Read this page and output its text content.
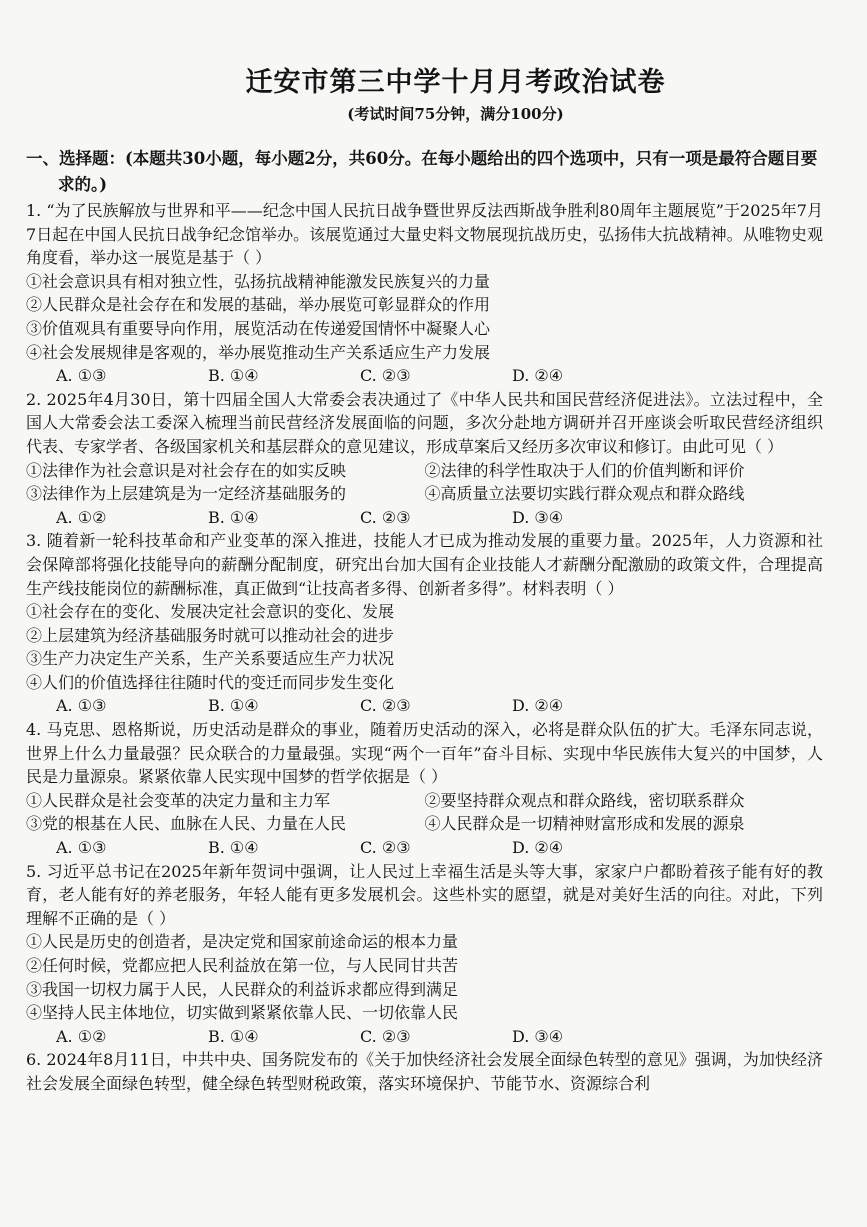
迁安市第三中学十月月考政治试卷
(考试时间75分钟，满分100分)
一、选择题：(本题共30小题，每小题2分，共60分。在每小题给出的四个选项中，只有一项是最符合题目要求的。)
1. “为了民族解放与世界和平——纪念中国人民抗日战争暨世界反法西斯战争胜利80周年主题展览”于2025年7月7日起在中国人民抗日战争纪念馆举办。该展览通过大量史料文物展现抗战历史，弘扬伟大抗战精神。从唯物史观角度看，举办这一展览是基于（ ）
①社会意识具有相对独立性，弘扬抗战精神能激发民族复兴的力量
②人民群众是社会存在和发展的基础，举办展览可彰显群众的作用
③价值观具有重要导向作用，展览活动在传递爱国情怀中凝聚人心
④社会发展规律是客观的，举办展览推动生产关系适应生产力发展
A. ①③	B. ①④	C. ②③	D. ②④
2. 2025年4月30日，第十四届全国人大常委会表决通过了《中华人民共和国民营经济促进法》。立法过程中，全国人大常委会法工委深入梳理当前民营经济发展面临的问题，多次分赴地方调研并召开座谈会听取民营经济组织代表、专家学者、各级国家机关和基层群众的意见建议，形成草案后又经历多次审议和修订。由此可见（ ）
①法律作为社会意识是对社会存在的如实反映	②法律的科学性取决于人们的价值判断和评价
③法律作为上层建筑是为一定经济基础服务的	④高质量立法要切实践行群众观点和群众路线
A. ①②	B. ①④	C. ②③	D. ③④
3. 随着新一轮科技革命和产业变革的深入推进，技能人才已成为推动发展的重要力量。2025年，人力资源和社会保障部将强化技能导向的薪酬分配制度，研究出台加大国有企业技能人才薪酬分配激励的政策文件，合理提高生产线技能岗位的薪酬标准，真正做到“让技高者多得、创新者多得”。材料表明（ ）
①社会存在的变化、发展决定社会意识的变化、发展
②上层建筑为经济基础服务时就可以推动社会的进步
③生产力决定生产关系，生产关系要适应生产力状况
④人们的价值选择往往随时代的变迁而同步发生变化
A. ①③	B. ①④	C. ②③	D. ②④
4. 马克思、恩格斯说，历史活动是群众的事业，随着历史活动的深入，必将是群众队伍的扩大。毛泽东同志说，世界上什么力量最强？民众联合的力量最强。实现“两个一百年”奋斗目标、实现中华民族伟大复兴的中国梦，人民是力量源泉。紧紧依靠人民实现中国梦的哲学依据是（ ）
①人民群众是社会变革的决定力量和主力军	②要坚持群众观点和群众路线，密切联系群众
③党的根基在人民、血脉在人民、力量在人民	④人民群众是一切精神财富形成和发展的源泉
A. ①③	B. ①④	C. ②③	D. ②④
5. 习近平总书记在2025年新年贺词中强调，让人民过上幸福生活是头等大事，家家户户都盼着孩子能有好的教育，老人能有好的养老服务，年轻人能有更多发展机会。这些朴实的愿望，就是对美好生活的向往。对此，下列理解不正确的是（ ）
①人民是历史的创造者，是决定党和国家前途命运的根本力量
②任何时候，党都应把人民利益放在第一位，与人民同甘共苦
③我国一切权力属于人民，人民群众的利益诉求都应得到满足
④坚持人民主体地位，切实做到紧紧依靠人民、一切依靠人民
A. ①②	B. ①④	C. ②③	D. ③④
6. 2024年8月11日，中共中央、国务院发布的《关于加快经济社会发展全面绿色转型的意见》强调，为加快经济社会发展全面绿色转型，健全绿色转型财税政策，落实环境保护、节能节水、资源综合利
